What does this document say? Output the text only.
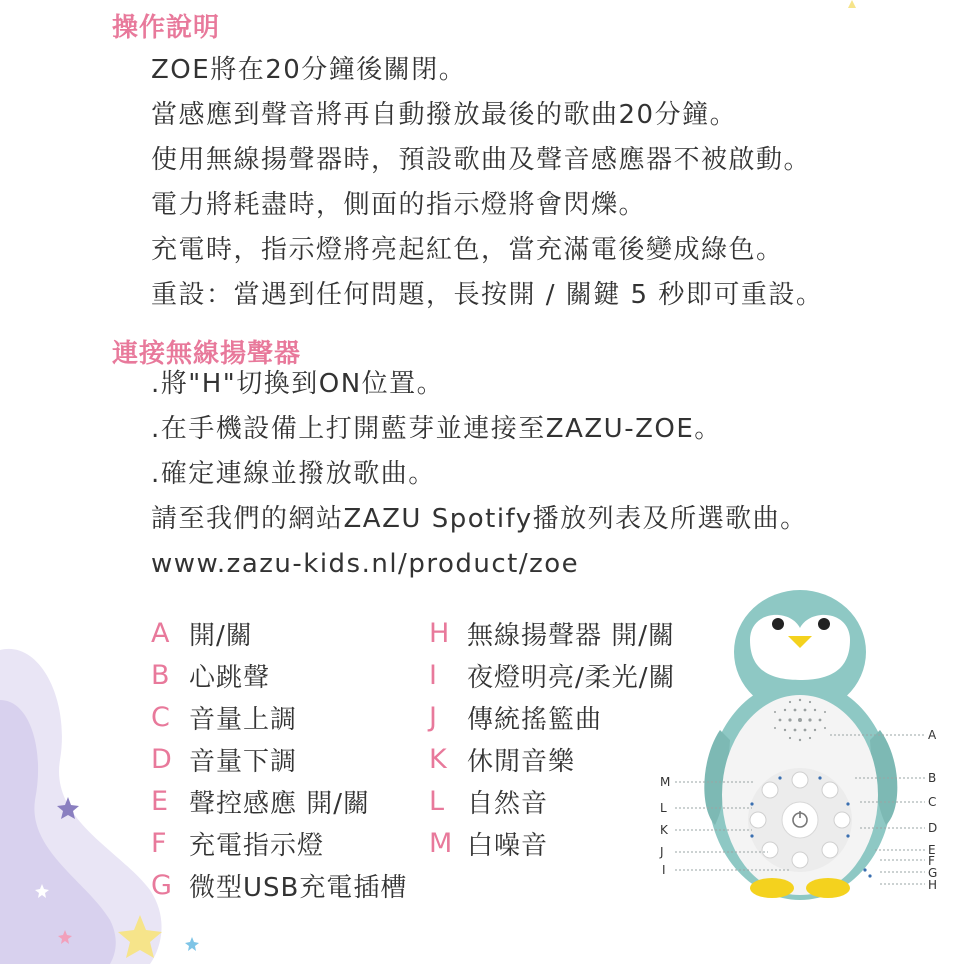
操作說明
ZOE將在20分鐘後關閉。
當感應到聲音將再自動撥放最後的歌曲20分鐘。
使用無線揚聲器時，預設歌曲及聲音感應器不被啟動。
電力將耗盡時，側面的指示燈將會閃爍。
充電時，指示燈將亮起紅色，當充滿電後變成綠色。
重設：當遇到任何問題，長按開 / 關鍵 5 秒即可重設。
連接無線揚聲器
.將"H"切換到ON位置。
.在手機設備上打開藍芽並連接至ZAZU-ZOE。
.確定連線並撥放歌曲。
請至我們的網站ZAZU Spotify播放列表及所選歌曲。
www.zazu-kids.nl/product/zoe
A 開/關
B 心跳聲
C 音量上調
D 音量下調
E 聲控感應 開/關
F 充電指示燈
G 微型USB充電插槽
H 無線揚聲器 開/關
I	夜燈明亮/柔光/關
J	傳統搖籃曲
K 休閒音樂
L 自然音
M 白噪音
A
B
C
D
E
F
G
H
M
L
K
J
I
